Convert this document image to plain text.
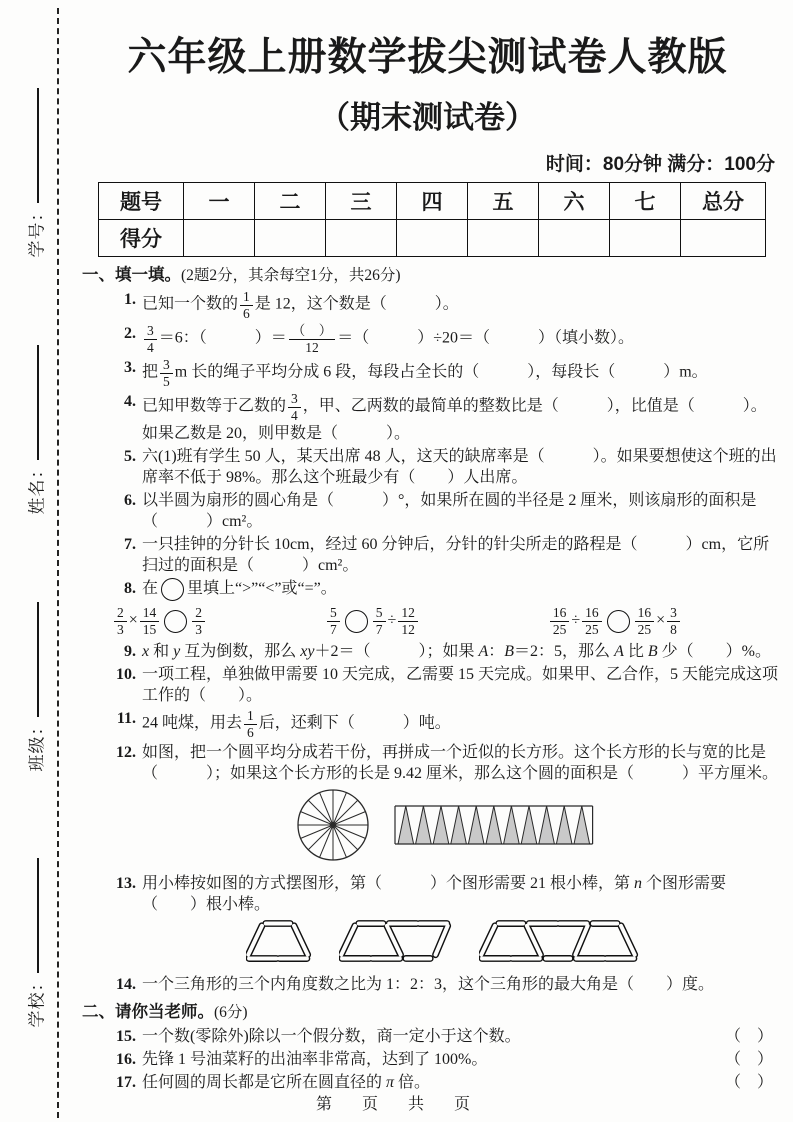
学号：
姓名：
班级：
学校：
六年级上册数学拔尖测试卷人教版
（期末测试卷）
时间：80分钟 满分：100分
题号	一	二	三	四	五	六	七	总分
得分								
一、填一填。(2题2分，其余每空1分，共26分)
1. 已知一个数的 $\frac{1}{6}$ 是 12，这个数是（　　　）。
2. $\frac{3}{4} =6$：（　　　）＝ $\frac{( )}{12}$ ＝（　　　）÷20＝（　　　）（填小数）。
3. 把 $\frac{3}{5}$ m 长的绳子平均分成 6 段，每段占全长的（　　　），每段长（　　　）m。
4. 已知甲数等于乙数的 $\frac{3}{4}$ ，甲、乙两数的最简单的整数比是（　　　），比值是（　　　）。如果乙数是 20，则甲数是（　　　）。
5. 六(1)班有学生 50 人，某天出席 48 人，这天的缺席率是（　　　）。如果要想使这个班的出席率不低于 98%。那么这个班最少有（　　）人出席。
6. 以半圆为扇形的圆心角是（　　　）°，如果所在圆的半径是 2 厘米，则该扇形的面积是（　　　）cm²。
7. 一只挂钟的分针长 10cm，经过 60 分钟后，分针的针尖所走的路程是（　　　）cm，它所扫过的面积是（　　　）cm²。
8. 在 里填上“>”“<”或“=”。
$\frac{2}{3} \times \frac{14}{15} \frac{2}{3}$	$\frac{5}{7} \frac{5}{7} \div \frac{12}{12}$	$\frac{16}{25} \div \frac{16}{25} \frac{16}{25} \times \frac{3}{8}$
9. x 和 y 互为倒数，那么 xy＋2＝（　　　）；如果 A：B＝2：5，那么 A 比 B 少（　　）%。
10. 一项工程，单独做甲需要 10 天完成，乙需要 15 天完成。如果甲、乙合作，5 天能完成这项工作的（　　）。
11. 24 吨煤，用去 $\frac{1}{6}$ 后，还剩下（　　　）吨。
12. 如图，把一个圆平均分成若干份，再拼成一个近似的长方形。这个长方形的长与宽的比是（　　　）；如果这个长方形的长是 9.42 厘米，那么这个圆的面积是（　　　）平方厘米。
13. 用小棒按如图的方式摆图形，第（　　　）个图形需要 21 根小棒，第 n 个图形需要（　　）根小棒。
14. 一个三角形的三个内角度数之比为 1：2：3，这个三角形的最大角是（　　）度。
二、请你当老师。(6分)
15. 一个数(零除外)除以一个假分数，商一定小于这个数。	（　）
16. 先锋 1 号油菜籽的出油率非常高，达到了 100%。	（　）
17. 任何圆的周长都是它所在圆直径的 π 倍。	（　）
第　页　共　页
